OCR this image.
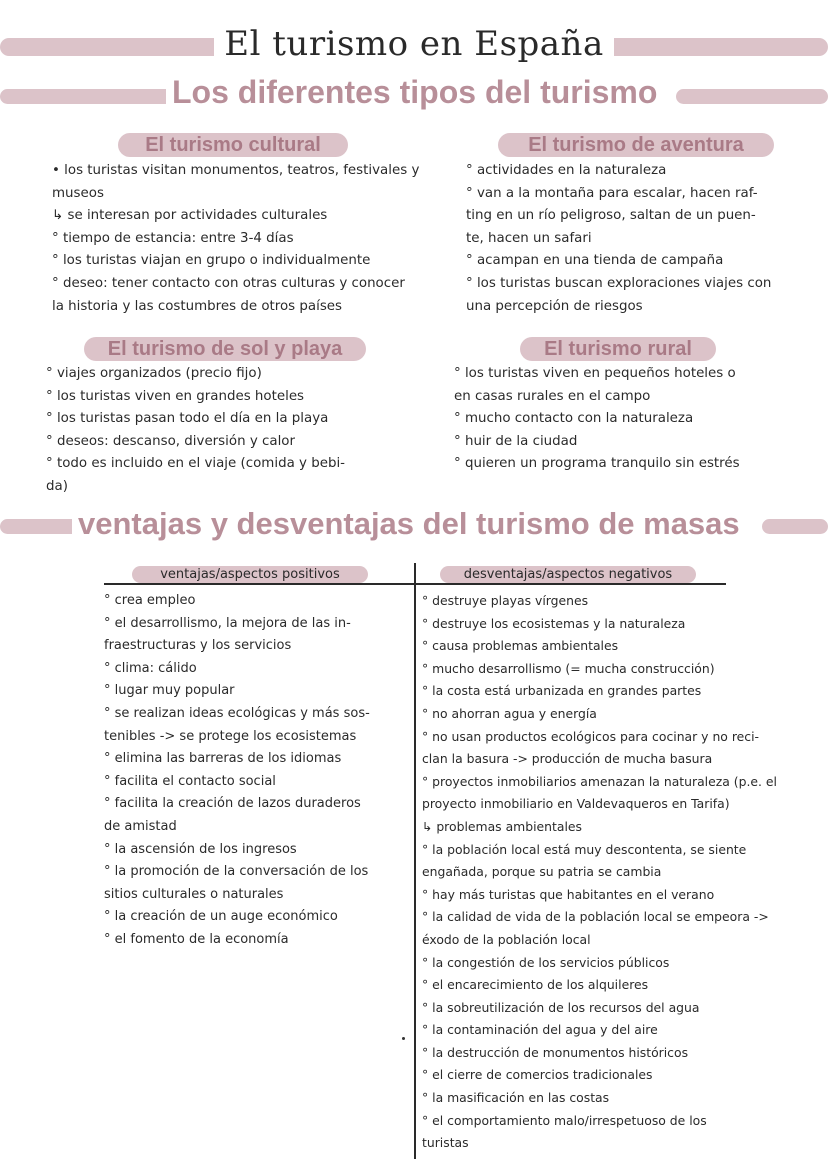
El turismo en España
Los diferentes tipos del turismo
El turismo cultural
• los turistas visitan monumentos, teatros, festivales y
museos
↳ se interesan por actividades culturales
° tiempo de estancia: entre 3-4 días
° los turistas viajan en grupo o individualmente
° deseo: tener contacto con otras culturas y conocer
la historia y las costumbres de otros países
El turismo de aventura
° actividades en la naturaleza
° van a la montaña para escalar, hacen raf-
ting en un río peligroso, saltan de un puen-
te, hacen un safari
° acampan en una tienda de campaña
° los turistas buscan exploraciones viajes con
una percepción de riesgos
El turismo de sol y playa
° viajes organizados (precio fijo)
° los turistas viven en grandes hoteles
° los turistas pasan todo el día en la playa
° deseos: descanso, diversión y calor
° todo es incluido en el viaje (comida y bebi-
da)
El turismo rural
° los turistas viven en pequeños hoteles o
en casas rurales en el campo
° mucho contacto con la naturaleza
° huir de la ciudad
° quieren un programa tranquilo sin estrés
ventajas y desventajas del turismo de masas
ventajas/aspectos positivos	desventajas/aspectos negativos
° crea empleo
° el desarrollismo, la mejora de las in-
fraestructuras y los servicios
° clima: cálido
° lugar muy popular
° se realizan ideas ecológicas y más sos-
tenibles -> se protege los ecosistemas
° elimina las barreras de los idiomas
° facilita el contacto social
° facilita la creación de lazos duraderos
de amistad
° la ascensión de los ingresos
° la promoción de la conversación de los
sitios culturales o naturales
° la creación de un auge económico
° el fomento de la economía
° destruye playas vírgenes
° destruye los ecosistemas y la naturaleza
° causa problemas ambientales
° mucho desarrollismo (= mucha construcción)
° la costa está urbanizada en grandes partes
° no ahorran agua y energía
° no usan productos ecológicos para cocinar y no reci-
clan la basura -> producción de mucha basura
° proyectos inmobiliarios amenazan la naturaleza (p.e. el
proyecto inmobiliario en Valdevaqueros en Tarifa)
↳ problemas ambientales
° la población local está muy descontenta, se siente
engañada, porque su patria se cambia
° hay más turistas que habitantes en el verano
° la calidad de vida de la población local se empeora ->
éxodo de la población local
° la congestión de los servicios públicos
° el encarecimiento de los alquileres
° la sobreutilización de los recursos del agua
° la contaminación del agua y del aire
° la destrucción de monumentos históricos
° el cierre de comercios tradicionales
° la masificación en las costas
° el comportamiento malo/irrespetuoso de los
turistas
